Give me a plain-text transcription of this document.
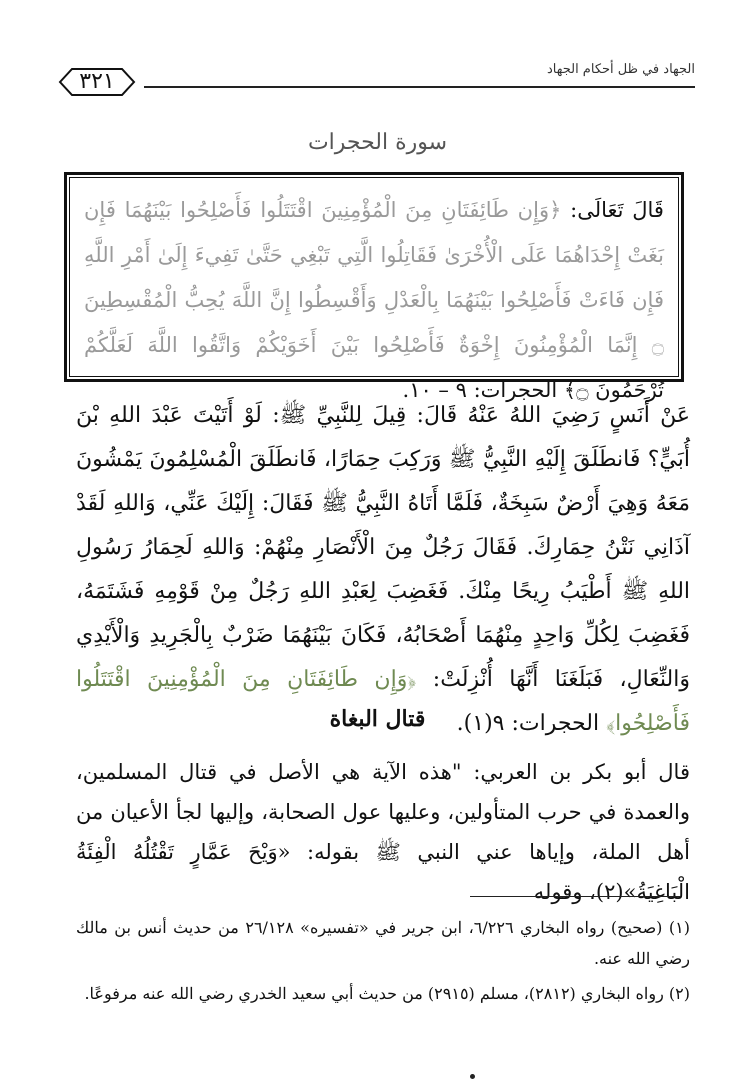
الجهاد في ظل أحكام الجهاد
٣٢١
سورة الحجرات
قَالَ تَعَالَى: ﴿وَإِن طَائِفَتَانِ مِنَ الْمُؤْمِنِينَ اقْتَتَلُوا فَأَصْلِحُوا بَيْنَهُمَا فَإِن بَغَتْ إِحْدَاهُمَا عَلَى الْأُخْرَىٰ فَقَاتِلُوا الَّتِي تَبْغِي حَتَّىٰ تَفِيءَ إِلَىٰ أَمْرِ اللَّهِ فَإِن فَاءَتْ فَأَصْلِحُوا بَيْنَهُمَا بِالْعَدْلِ وَأَقْسِطُوا إِنَّ اللَّهَ يُحِبُّ الْمُقْسِطِينَ ۝ إِنَّمَا الْمُؤْمِنُونَ إِخْوَةٌ فَأَصْلِحُوا بَيْنَ أَخَوَيْكُمْ وَاتَّقُوا اللَّهَ لَعَلَّكُمْ تُرْحَمُونَ ۝﴾ الحجرات: ٩ – ١٠.
عَنْ أَنَسٍ رَضِيَ اللهُ عَنْهُ قَالَ: قِيلَ لِلنَّبِيِّ ﷺ: لَوْ أَتَيْتَ عَبْدَ اللهِ بْنَ أُبَيٍّ؟ فَانطَلَقَ إِلَيْهِ النَّبِيُّ ﷺ وَرَكِبَ حِمَارًا، فَانطَلَقَ الْمُسْلِمُونَ يَمْشُونَ مَعَهُ وَهِيَ أَرْضٌ سَبِخَةٌ، فَلَمَّا أَتَاهُ النَّبِيُّ ﷺ فَقَالَ: إِلَيْكَ عَنِّي، وَاللهِ لَقَدْ آذَانِي نَتْنُ حِمَارِكَ. فَقَالَ رَجُلٌ مِنَ الْأَنْصَارِ مِنْهُمْ: وَاللهِ لَحِمَارُ رَسُولِ اللهِ ﷺ أَطْيَبُ رِيحًا مِنْكَ. فَغَضِبَ لِعَبْدِ اللهِ رَجُلٌ مِنْ قَوْمِهِ فَشَتَمَهُ، فَغَضِبَ لِكُلِّ وَاحِدٍ مِنْهُمَا أَصْحَابُهُ، فَكَانَ بَيْنَهُمَا ضَرْبٌ بِالْجَرِيدِ وَالْأَيْدِي وَالنِّعَالِ، فَبَلَغَنَا أَنَّهَا أُنْزِلَتْ: ﴿وَإِن طَائِفَتَانِ مِنَ الْمُؤْمِنِينَ اقْتَتَلُوا فَأَصْلِحُوا﴾ الحجرات: ٩(١).
قتال البغاة
قال أبو بكر بن العربي: "هذه الآية هي الأصل في قتال المسلمين، والعمدة في حرب المتأولين، وعليها عول الصحابة، وإليها لجأ الأعيان من أهل الملة، وإياها عني النبي ﷺ بقوله: «وَيْحَ عَمَّارٍ تَقْتُلُهُ الْفِئَةُ الْبَاغِيَةُ»(٢)، وقوله

(١) (صحيح) رواه البخاري ٦/٢٢٦، ابن جرير في «تفسيره» ٢٦/١٢٨ من حديث أنس بن مالك رضي الله عنه.

(٢) رواه البخاري (٢٨١٢)، مسلم (٢٩١٥) من حديث أبي سعيد الخدري رضي الله عنه مرفوعًا.
